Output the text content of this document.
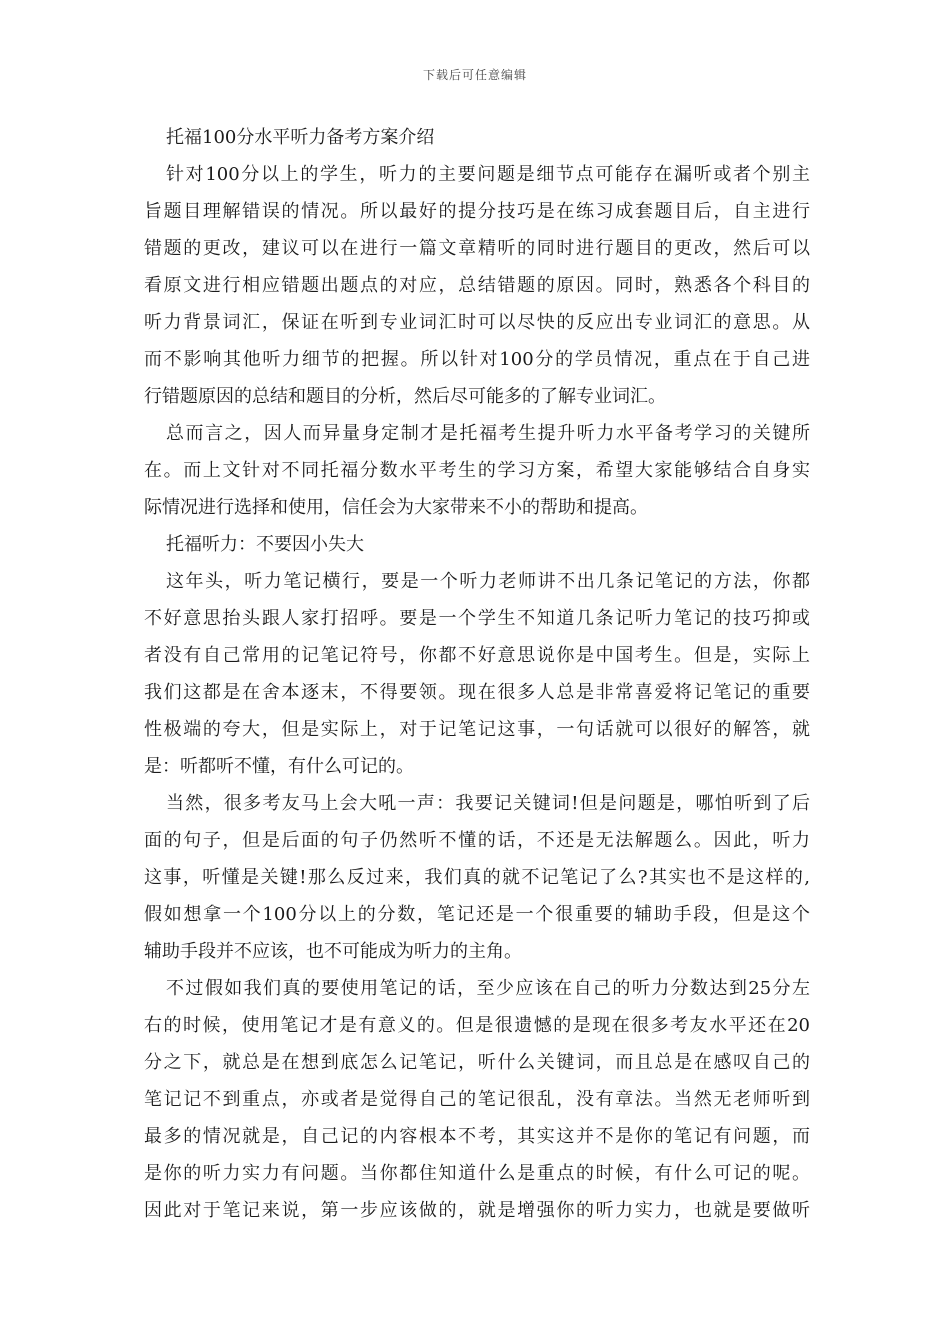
下载后可任意编辑
托福100分水平听力备考方案介绍
针对100分以上的学生，听力的主要问题是细节点可能存在漏听或者个别主
旨题目理解错误的情况。所以最好的提分技巧是在练习成套题目后，自主进行
错题的更改，建议可以在进行一篇文章精听的同时进行题目的更改，然后可以
看原文进行相应错题出题点的对应，总结错题的原因。同时，熟悉各个科目的
听力背景词汇，保证在听到专业词汇时可以尽快的反应出专业词汇的意思。从
而不影响其他听力细节的把握。所以针对100分的学员情况，重点在于自己进
行错题原因的总结和题目的分析，然后尽可能多的了解专业词汇。
总而言之，因人而异量身定制才是托福考生提升听力水平备考学习的关键所
在。而上文针对不同托福分数水平考生的学习方案，希望大家能够结合自身实
际情况进行选择和使用，信任会为大家带来不小的帮助和提高。
托福听力：不要因小失大
这年头，听力笔记横行，要是一个听力老师讲不出几条记笔记的方法，你都
不好意思抬头跟人家打招呼。要是一个学生不知道几条记听力笔记的技巧抑或
者没有自己常用的记笔记符号，你都不好意思说你是中国考生。但是，实际上
我们这都是在舍本逐末，不得要领。现在很多人总是非常喜爱将记笔记的重要
性极端的夸大，但是实际上，对于记笔记这事，一句话就可以很好的解答，就
是：听都听不懂，有什么可记的。
当然，很多考友马上会大吼一声：我要记关键词!但是问题是，哪怕听到了后
面的句子，但是后面的句子仍然听不懂的话，不还是无法解题么。因此，听力
这事，听懂是关键!那么反过来，我们真的就不记笔记了么?其实也不是这样的,
假如想拿一个100分以上的分数，笔记还是一个很重要的辅助手段，但是这个
辅助手段并不应该，也不可能成为听力的主角。
不过假如我们真的要使用笔记的话，至少应该在自己的听力分数达到25分左
右的时候，使用笔记才是有意义的。但是很遗憾的是现在很多考友水平还在20
分之下，就总是在想到底怎么记笔记，听什么关键词，而且总是在感叹自己的
笔记记不到重点，亦或者是觉得自己的笔记很乱，没有章法。当然无老师听到
最多的情况就是，自己记的内容根本不考，其实这并不是你的笔记有问题，而
是你的听力实力有问题。当你都住知道什么是重点的时候，有什么可记的呢。
因此对于笔记来说，第一步应该做的，就是增强你的听力实力，也就是要做听
